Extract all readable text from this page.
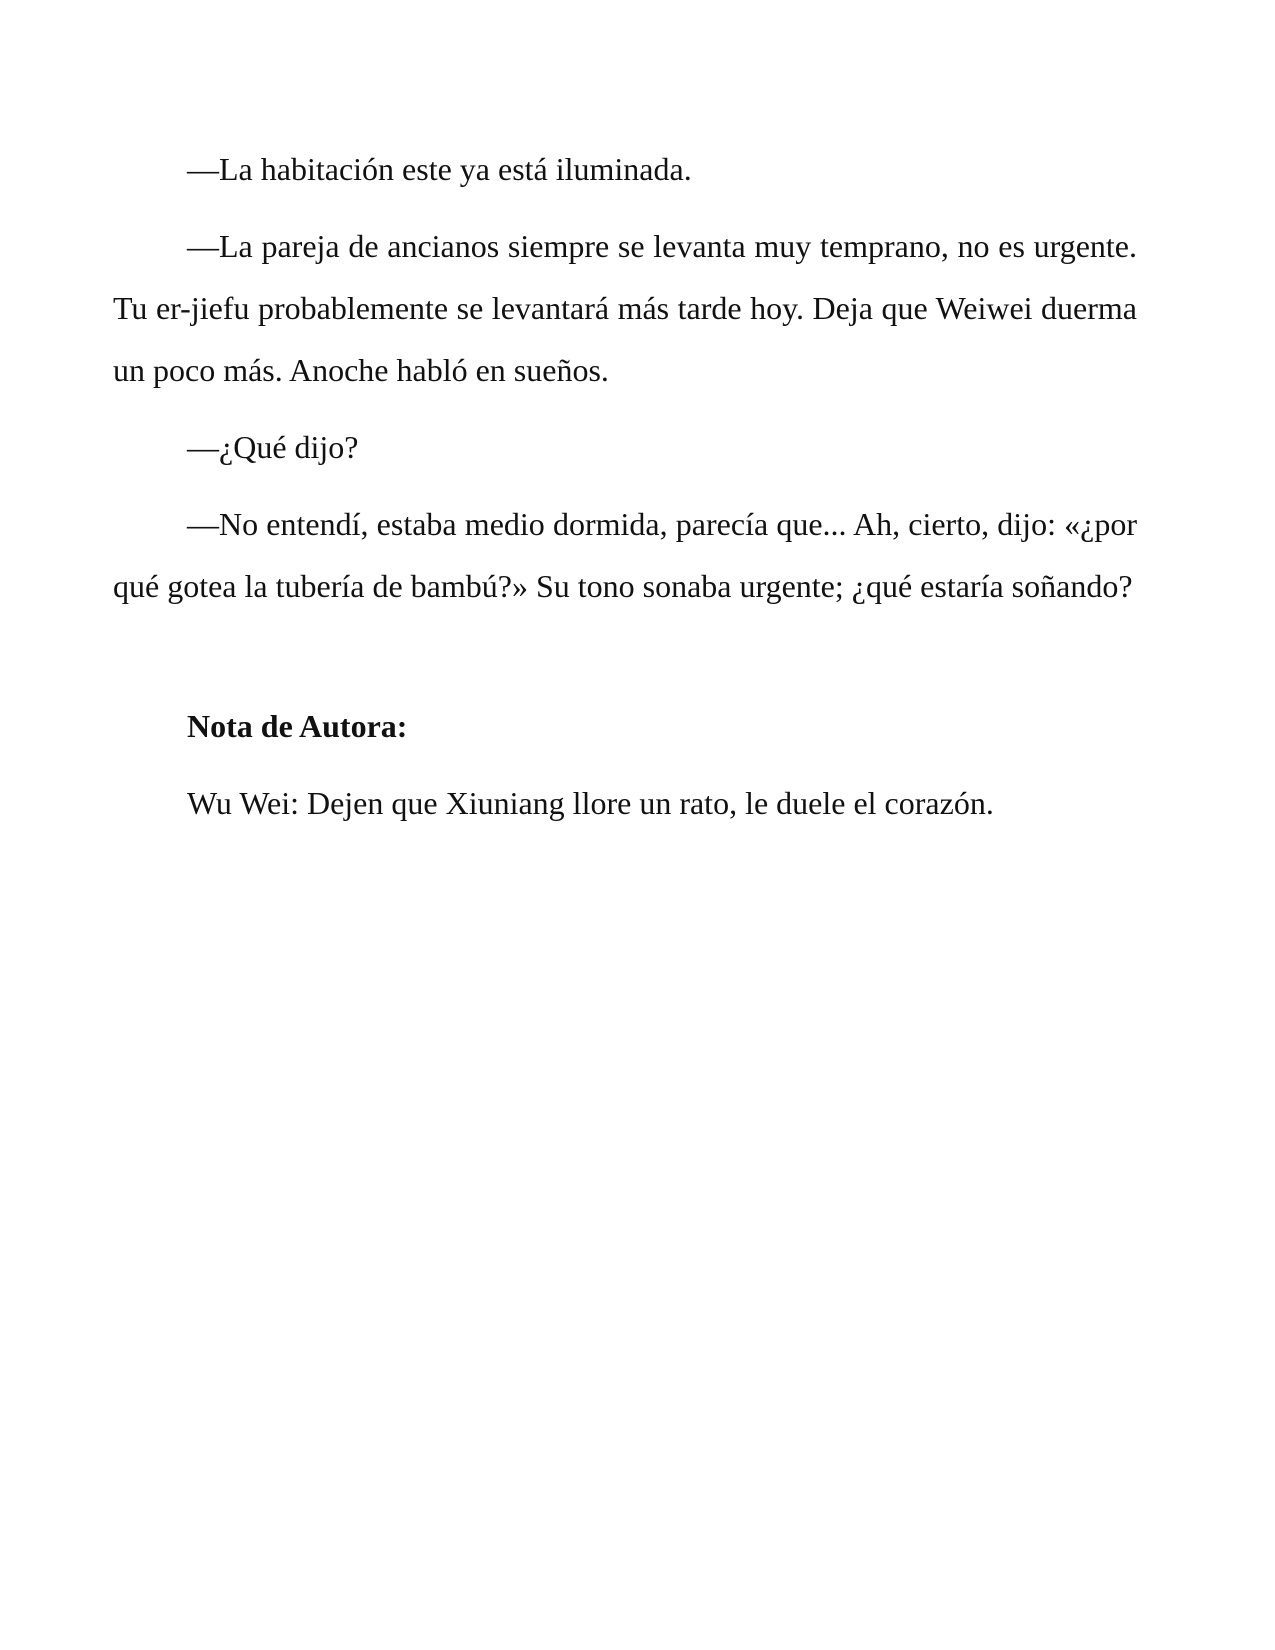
—La habitación este ya está iluminada.

—La pareja de ancianos siempre se levanta muy temprano, no es urgente. Tu er-jiefu probablemente se levantará más tarde hoy. Deja que Weiwei duerma un poco más. Anoche habló en sueños.

—¿Qué dijo?

—No entendí, estaba medio dormida, parecía que... Ah, cierto, dijo: «¿por qué gotea la tubería de bambú?» Su tono sonaba urgente; ¿qué estaría soñando?

Nota de Autora:

Wu Wei: Dejen que Xiuniang llore un rato, le duele el corazón.
